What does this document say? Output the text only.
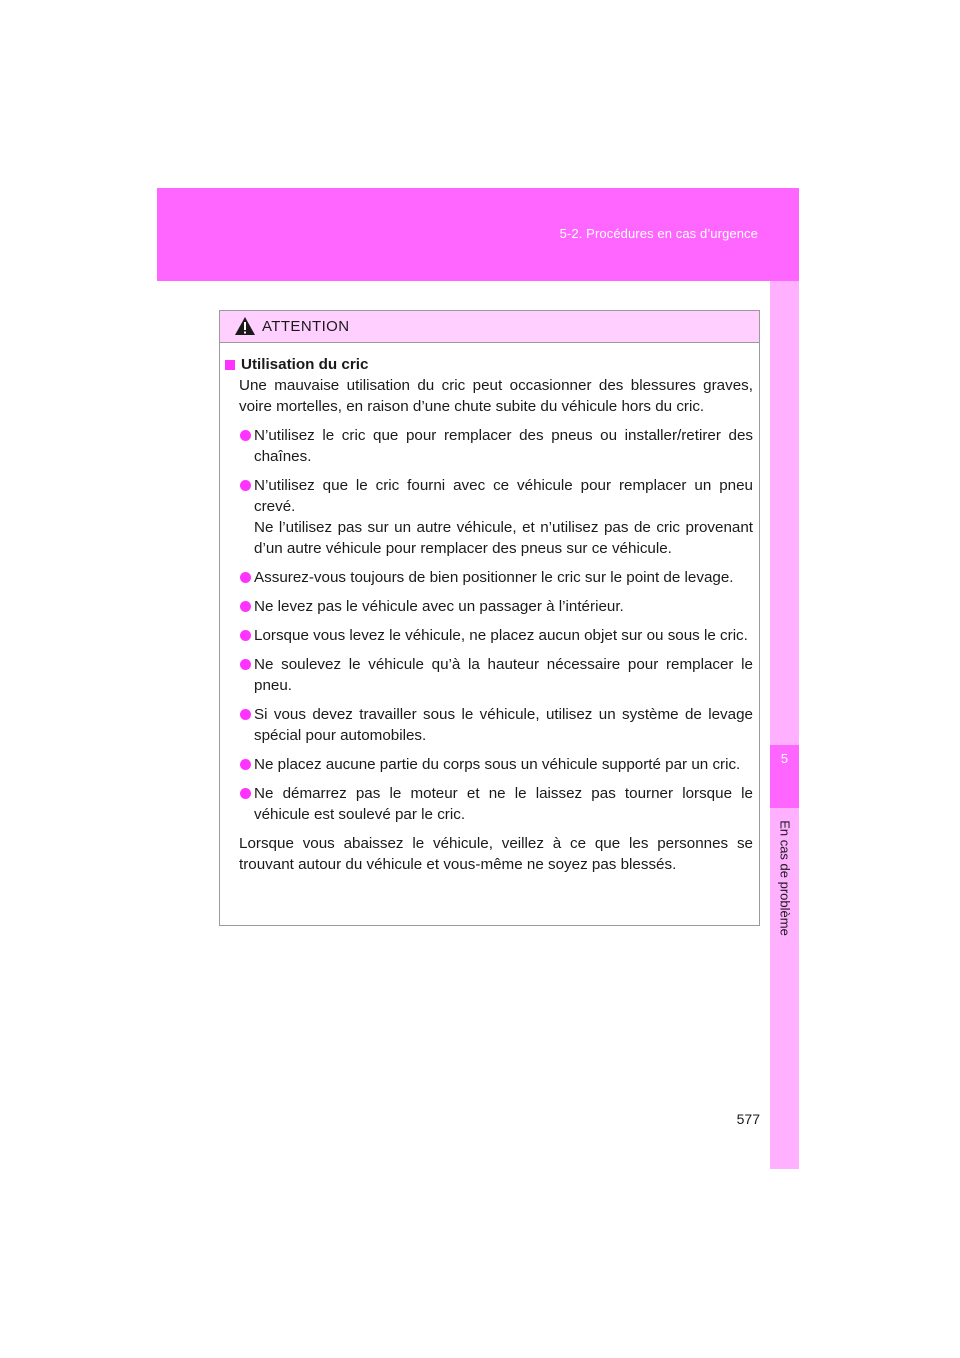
5-2. Procédures en cas d’urgence
5
En cas de problème
ATTENTION
Utilisation du cric

Une mauvaise utilisation du cric peut occasionner des blessures graves, voire mortelles, en raison d’une chute subite du véhicule hors du cric.

N’utilisez le cric que pour remplacer des pneus ou installer/retirer des chaînes.
N’utilisez que le cric fourni avec ce véhicule pour remplacer un pneu crevé.
Ne l’utilisez pas sur un autre véhicule, et n’utilisez pas de cric provenant d’un autre véhicule pour remplacer des pneus sur ce véhicule.
Assurez-vous toujours de bien positionner le cric sur le point de levage.
Ne levez pas le véhicule avec un passager à l’intérieur.
Lorsque vous levez le véhicule, ne placez aucun objet sur ou sous le cric.
Ne soulevez le véhicule qu’à la hauteur nécessaire pour remplacer le pneu.
Si vous devez travailler sous le véhicule, utilisez un système de levage spécial pour automobiles.
Ne placez aucune partie du corps sous un véhicule supporté par un cric.
Ne démarrez pas le moteur et ne le laissez pas tourner lorsque le véhicule est soulevé par le cric.

Lorsque vous abaissez le véhicule, veillez à ce que les personnes se trouvant autour du véhicule et vous-même ne soyez pas blessés.

577
